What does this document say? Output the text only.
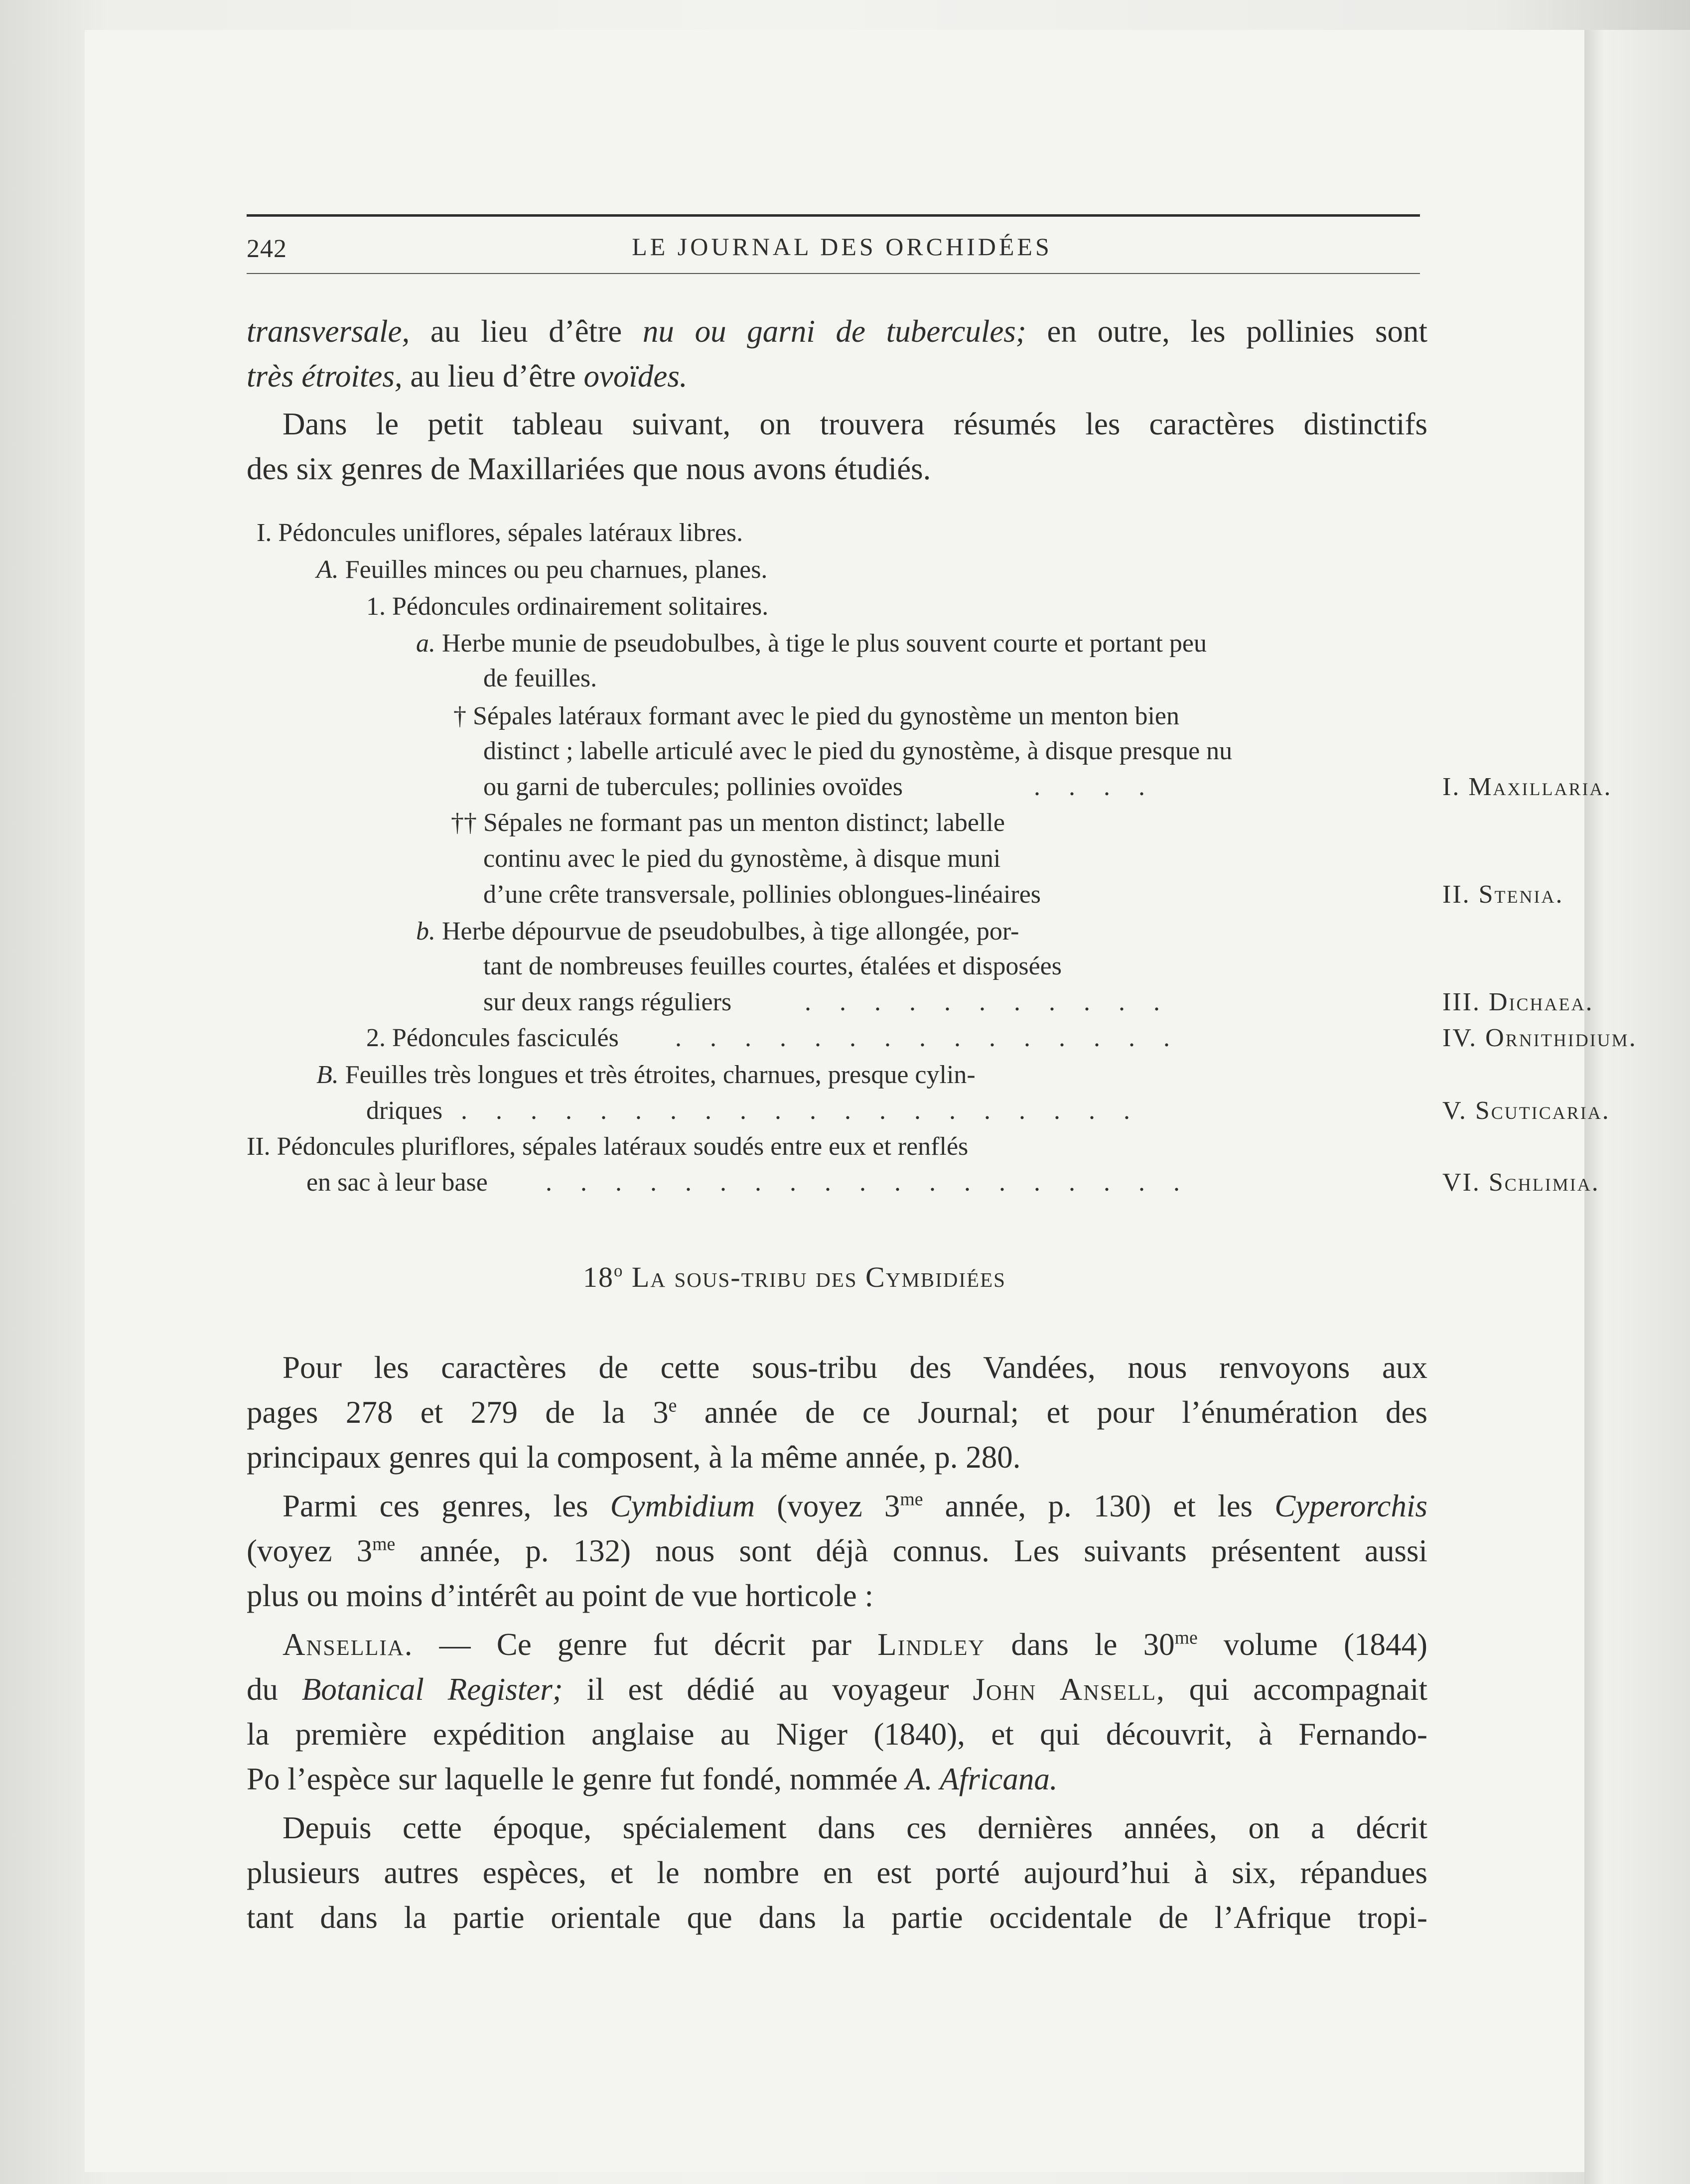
242	LE JOURNAL DES ORCHIDÉES
transversale, au lieu d’être nu ou garni de tubercules; en outre, les pollinies sont
très étroites, au lieu d’être ovoïdes.
Dans le petit tableau suivant, on trouvera résumés les caractères distinctifs
des six genres de Maxillariées que nous avons étudiés.
I. Pédoncules uniflores, sépales latéraux libres.
A. Feuilles minces ou peu charnues, planes.
1. Pédoncules ordinairement solitaires.
a. Herbe munie de pseudobulbes, à tige le plus souvent courte et portant peu
de feuilles.
† Sépales latéraux formant avec le pied du gynostème un menton bien
distinct ; labelle articulé avec le pied du gynostème, à disque presque nu
ou garni de tubercules; pollinies ovoïdes	. . . .	I. Maxillaria.
†† Sépales ne formant pas un menton distinct; labelle
continu avec le pied du gynostème, à disque muni
d’une crête transversale, pollinies oblongues-linéaires	II. Stenia.
b. Herbe dépourvue de pseudobulbes, à tige allongée, por-
tant de nombreuses feuilles courtes, étalées et disposées
sur deux rangs réguliers	. . . . . . . . . . .	III. Dichaea.
2. Pédoncules fasciculés . . . . . . . . . . . . . . .	IV. Ornithidium.
B. Feuilles très longues et très étroites, charnues, presque cylin-
driques . . . . . . . . . . . . . . . . . . . .	V. Scuticaria.
II. Pédoncules pluriflores, sépales latéraux soudés entre eux et renflés
en sac à leur base . . . . . . . . . . . . . . . . . . .	VI. Schlimia.
18$^o$ La sous-tribu des Cymbidiées
Pour les caractères de cette sous-tribu des Vandées, nous renvoyons aux
pages 278 et 279 de la 3e année de ce Journal; et pour l’énumération des
principaux genres qui la composent, à la même année, p. 280.
Parmi ces genres, les Cymbidium (voyez $3^{me}$ année, p. 130) et les Cyperorchis
(voyez $3^{me}$ année, p. 132) nous sont déjà connus. Les suivants présentent aussi
plus ou moins d’intérêt au point de vue horticole :
Ansellia. — Ce genre fut décrit par Lindley dans le $30^{me}$ volume (1844)
du Botanical Register; il est dédié au voyageur John Ansell, qui accompagnait
la première expédition anglaise au Niger (1840), et qui découvrit, à Fernando-
Po l’espèce sur laquelle le genre fut fondé, nommée A. Africana.
Depuis cette époque, spécialement dans ces dernières années, on a décrit
plusieurs autres espèces, et le nombre en est porté aujourd’hui à six, répandues
tant dans la partie orientale que dans la partie occidentale de l’Afrique tropi-
